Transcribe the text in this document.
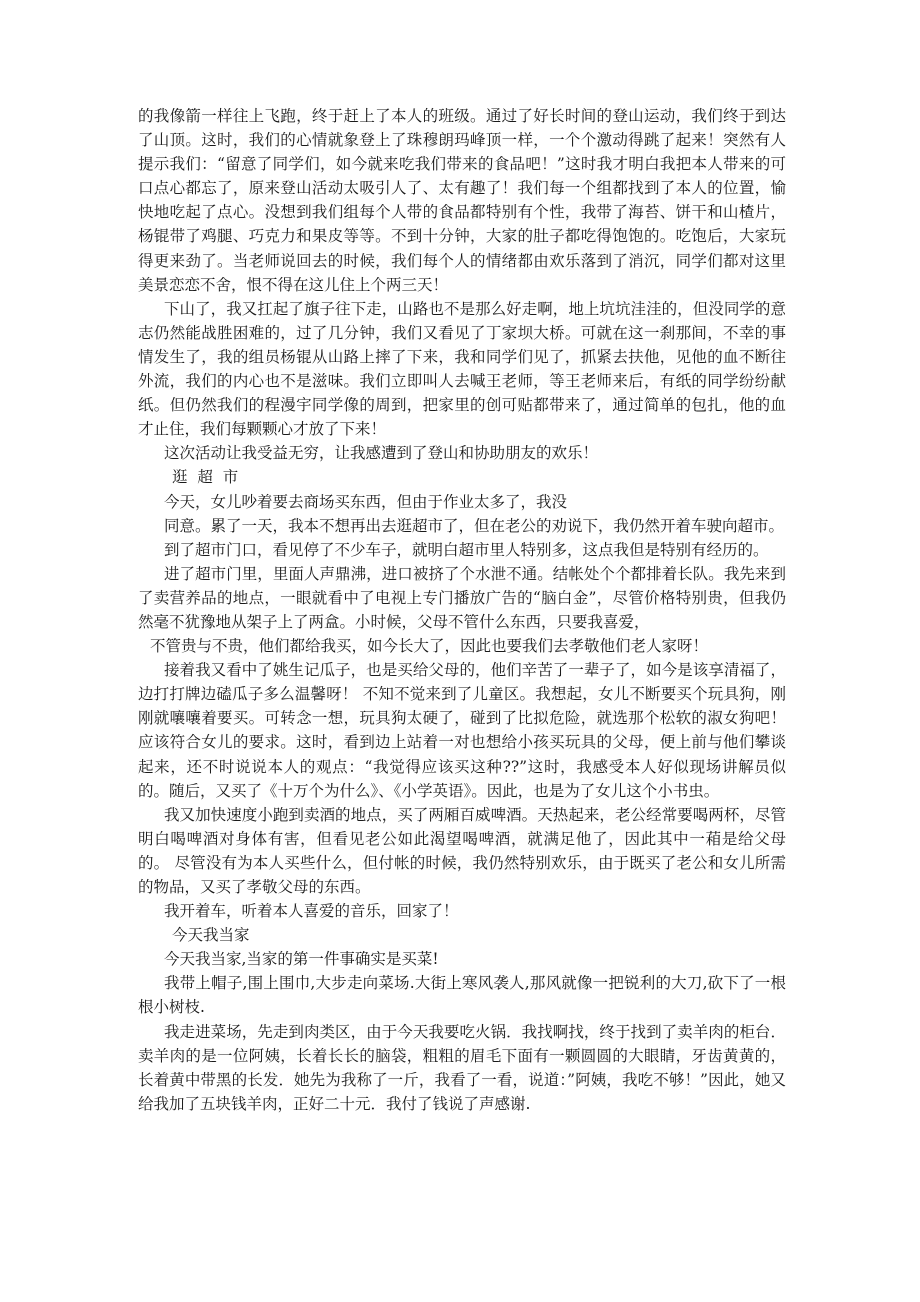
的我像箭一样往上飞跑，终于赶上了本人的班级。通过了好长时间的登山运动，我们终于到达了山顶。这时，我们的心情就象登上了珠穆朗玛峰顶一样，一个个激动得跳了起来！突然有人提示我们：“留意了同学们，如今就来吃我们带来的食品吧！”这时我才明白我把本人带来的可口点心都忘了，原来登山活动太吸引人了、太有趣了！我们每一个组都找到了本人的位置，愉快地吃起了点心。没想到我们组每个人带的食品都特别有个性，我带了海苔、饼干和山楂片，杨锟带了鸡腿、巧克力和果皮等等。不到十分钟，大家的肚子都吃得饱饱的。吃饱后，大家玩得更来劲了。当老师说回去的时候，我们每个人的情绪都由欢乐落到了消沉，同学们都对这里美景恋恋不舍，恨不得在这儿住上个两三天！

下山了，我又扛起了旗子往下走，山路也不是那么好走啊，地上坑坑洼洼的，但没同学的意志仍然能战胜困难的，过了几分钟，我们又看见了丁家坝大桥。可就在这一刹那间，不幸的事情发生了，我的组员杨锟从山路上摔了下来，我和同学们见了，抓紧去扶他，见他的血不断往外流，我们的内心也不是滋味。我们立即叫人去喊王老师，等王老师来后，有纸的同学纷纷献纸。但仍然我们的程漫宇同学像的周到，把家里的创可贴都带来了，通过简单的包扎，他的血才止住，我们每颗颗心才放了下来！

这次活动让我受益无穷，让我感遭到了登山和协助朋友的欢乐！

逛  超  市

今天，女儿吵着要去商场买东西，但由于作业太多了，我没

同意。累了一天，我本不想再出去逛超市了，但在老公的劝说下，我仍然开着车驶向超市。

到了超市门口，看见停了不少车子，就明白超市里人特别多，这点我但是特别有经历的。

进了超市门里，里面人声鼎沸，进口被挤了个水泄不通。结帐处个个都排着长队。我先来到了卖营养品的地点，一眼就看中了电视上专门播放广告的“脑白金”，尽管价格特别贵，但我仍然毫不犹豫地从架子上了两盒。小时候，父母不管什么东西，只要我喜爱，

不管贵与不贵，他们都给我买，如今长大了，因此也要我们去孝敬他们老人家呀！

接着我又看中了姚生记瓜子，也是买给父母的，他们辛苦了一辈子了，如今是该享清福了，边打打牌边磕瓜子多么温馨呀！ 不知不觉来到了儿童区。我想起，女儿不断要买个玩具狗，刚刚就嚷嚷着要买。可转念一想，玩具狗太硬了，碰到了比拟危险，就选那个松软的淑女狗吧！应该符合女儿的要求。这时，看到边上站着一对也想给小孩买玩具的父母，便上前与他们攀谈起来，还不时说说本人的观点：“我觉得应该买这种??”这时，我感受本人好似现场讲解员似的。随后，又买了《十万个为什么》、《小学英语》。因此，也是为了女儿这个小书虫。

我又加快速度小跑到卖酒的地点，买了两厢百威啤酒。天热起来，老公经常要喝两杯，尽管明白喝啤酒对身体有害，但看见老公如此渴望喝啤酒，就满足他了，因此其中一葙是给父母的。 尽管没有为本人买些什么，但付帐的时候，我仍然特别欢乐，由于既买了老公和女儿所需的物品，又买了孝敬父母的东西。

我开着车，听着本人喜爱的音乐，回家了！

今天我当家

今天我当家,当家的第一件事确实是买菜!

我带上帽子,围上围巾,大步走向菜场.大街上寒风袭人,那风就像一把锐利的大刀,砍下了一根根小树枝.

我走进菜场，先走到肉类区，由于今天我要吃火锅．我找啊找，终于找到了卖羊肉的柜台．卖羊肉的是一位阿姨，长着长长的脑袋，粗粗的眉毛下面有一颗圆圆的大眼睛，牙齿黄黄的，长着黄中带黑的长发．她先为我称了一斤，我看了一看，说道：”阿姨，我吃不够！”因此，她又给我加了五块钱羊肉，正好二十元．我付了钱说了声感谢.
